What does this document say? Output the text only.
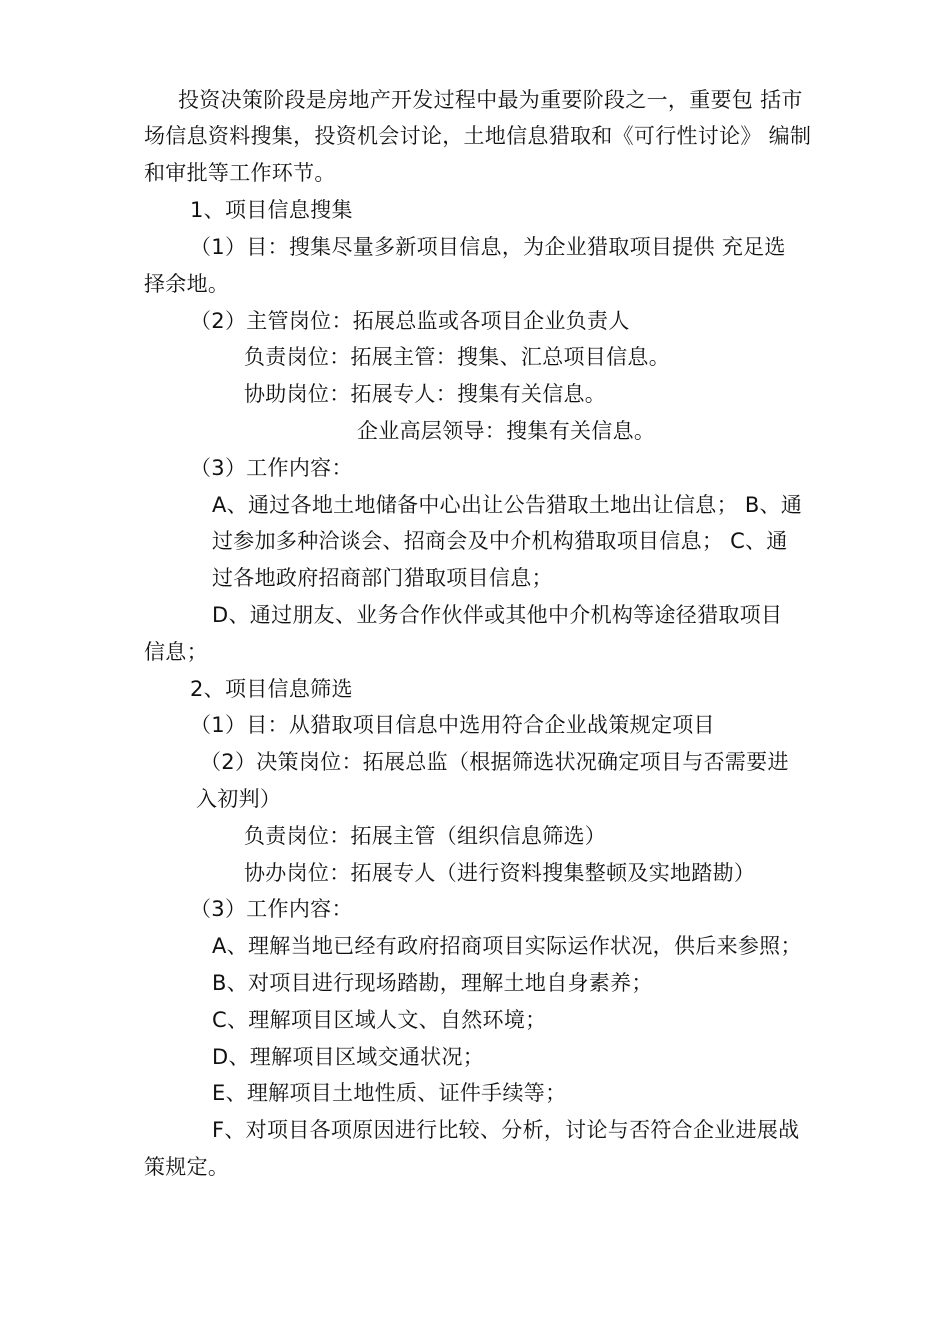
投资决策阶段是房地产开发过程中最为重要阶段之一，重要包 括市
场信息资料搜集，投资机会讨论，土地信息猎取和《可行性讨论》 编制
和审批等工作环节。
1、项目信息搜集
（1）目：搜集尽量多新项目信息，为企业猎取项目提供 充足选
择余地。
（2）主管岗位：拓展总监或各项目企业负责人
负责岗位：拓展主管：搜集、汇总项目信息。
协助岗位：拓展专人：搜集有关信息。
企业高层领导：搜集有关信息。
（3）工作内容：
A、通过各地土地储备中心出让公告猎取土地出让信息； B、通
过参加多种洽谈会、招商会及中介机构猎取项目信息； C、通
过各地政府招商部门猎取项目信息；
D、通过朋友、业务合作伙伴或其他中介机构等途径猎取项目
信息；
2、项目信息筛选
（1）目：从猎取项目信息中选用符合企业战策规定项目
（2）决策岗位：拓展总监（根据筛选状况确定项目与否需要进
入初判）
负责岗位：拓展主管（组织信息筛选）
协办岗位：拓展专人（进行资料搜集整顿及实地踏勘）
（3）工作内容：
A、理解当地已经有政府招商项目实际运作状况，供后来参照；
B、对项目进行现场踏勘，理解土地自身素养；
C、理解项目区域人文、自然环境；
D、理解项目区域交通状况；
E、理解项目土地性质、证件手续等；
F、对项目各项原因进行比较、分析，讨论与否符合企业进展战
策规定。
